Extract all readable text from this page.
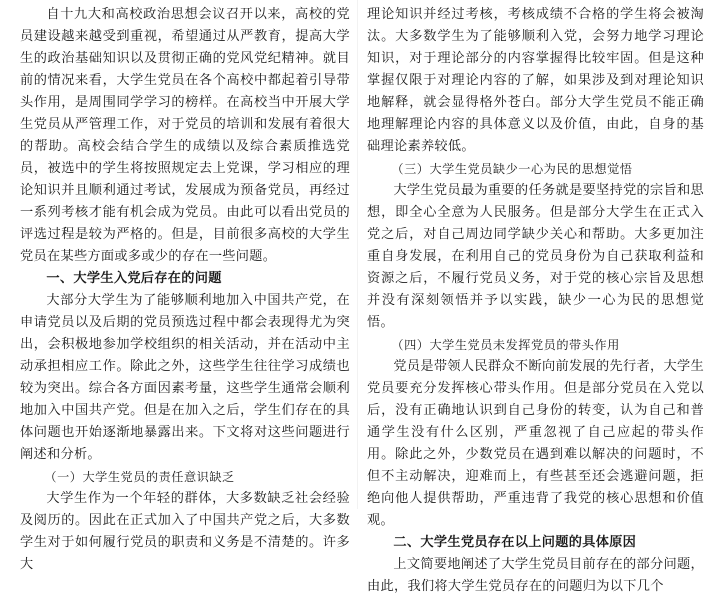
自十九大和高校政治思想会议召开以来，高校的党员建设越来越受到重视，希望通过从严教育，提高大学生的政治基础知识以及贯彻正确的党风党纪精神。就目前的情况来看，大学生党员在各个高校中都起着引导带头作用，是周围同学学习的榜样。在高校当中开展大学生党员从严管理工作，对于党员的培训和发展有着很大的帮助。高校会结合学生的成绩以及综合素质推选党员，被选中的学生将按照规定去上党课，学习相应的理论知识并且顺利通过考试，发展成为预备党员，再经过一系列考核才能有机会成为党员。由此可以看出党员的评选过程是较为严格的。但是，目前很多高校的大学生党员在某些方面或多或少的存在一些问题。

一、大学生入党后存在的问题

大部分大学生为了能够顺利地加入中国共产党，在申请党员以及后期的党员预选过程中都会表现得尤为突出，会积极地参加学校组织的相关活动，并在活动中主动承担相应工作。除此之外，这些学生往往学习成绩也较为突出。综合各方面因素考量，这些学生通常会顺利地加入中国共产党。但是在加入之后，学生们存在的具体问题也开始逐渐地暴露出来。下文将对这些问题进行阐述和分析。

（一）大学生党员的责任意识缺乏

大学生作为一个年轻的群体，大多数缺乏社会经验及阅历的。因此在正式加入了中国共产党之后，大多数学生对于如何履行党员的职责和义务是不清楚的。许多大

理论知识并经过考核，考核成绩不合格的学生将会被淘汰。大多数学生为了能够顺利入党，会努力地学习理论知识，对于理论部分的内容掌握得比较牢固。但是这种掌握仅限于对理论内容的了解，如果涉及到对理论知识地解释，就会显得格外苍白。部分大学生党员不能正确地理解理论内容的具体意义以及价值，由此，自身的基础理论素养较低。

（三）大学生党员缺少一心为民的思想觉悟

大学生党员最为重要的任务就是要坚持党的宗旨和思想，即全心全意为人民服务。但是部分大学生在正式入党之后，对自己周边同学缺少关心和帮助。大多更加注重自身发展，在利用自己的党员身份为自己获取利益和资源之后，不履行党员义务，对于党的核心宗旨及思想并没有深刻领悟并予以实践，缺少一心为民的思想觉悟。

（四）大学生党员未发挥党员的带头作用

党员是带领人民群众不断向前发展的先行者，大学生党员要充分发挥核心带头作用。但是部分党员在入党以后，没有正确地认识到自己身份的转变，认为自己和普通学生没有什么区别，严重忽视了自己应起的带头作用。除此之外，少数党员在遇到难以解决的问题时，不但不主动解决，迎难而上，有些甚至还会逃避问题，拒绝向他人提供帮助，严重违背了我党的核心思想和价值观。

二、大学生党员存在以上问题的具体原因

上文简要地阐述了大学生党员目前存在的部分问题，由此，我们将大学生党员存在的问题归为以下几个
